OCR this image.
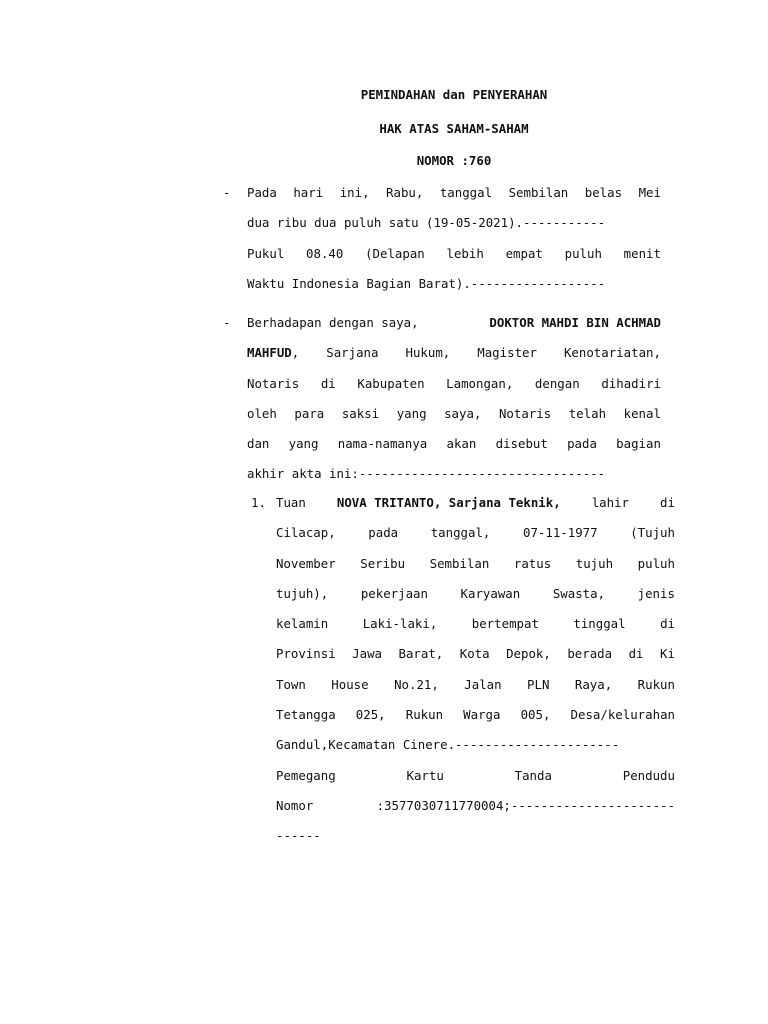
PEMINDAHAN dan PENYERAHAN
HAK ATAS SAHAM-SAHAM
NOMOR :760
- Pada hari ini, Rabu, tanggal Sembilan belas Mei
dua ribu dua puluh satu (19-05-2021).-----------
Pukul 08.40 (Delapan lebih empat puluh menit
Waktu Indonesia Bagian Barat).------------------
- Berhadapan dengan saya,	DOKTOR MAHDI BIN ACHMAD
MAHFUD, Sarjana Hukum, Magister Kenotariatan,
Notaris di Kabupaten Lamongan, dengan dihadiri
oleh para saksi yang saya, Notaris telah kenal
dan yang nama-namanya akan disebut pada bagian
akhir akta ini:---------------------------------
1. Tuan	NOVA TRITANTO, Sarjana Teknik,	lahir	di
Cilacap,	pada	tanggal,	07-11-1977	(Tujuh
November Seribu Sembilan ratus tujuh puluh
tujuh),	pekerjaan	Karyawan	Swasta,	jenis
kelamin	Laki-laki,	bertempat	tinggal	di
Provinsi Jawa Barat, Kota Depok, berada di Ki
Town House No.21, Jalan PLN Raya, Rukun
Tetangga 025, Rukun Warga 005, Desa/kelurahan
Gandul,Kecamatan Cinere.----------------------
Pemegang	Kartu	Tanda	Pendudu
Nomor	:3577030711770004;----------------------
------
